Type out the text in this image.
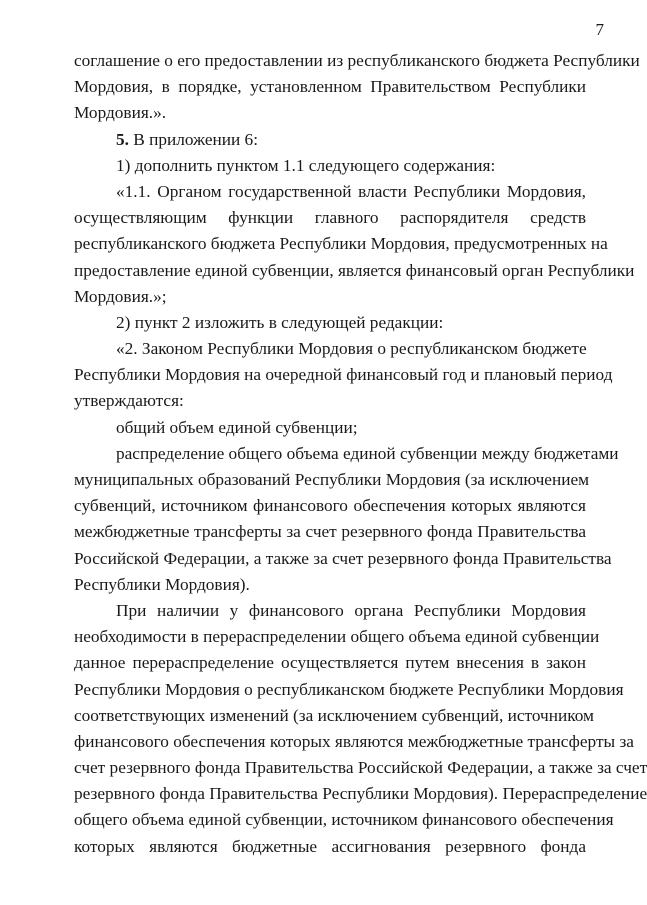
7
соглашение о его предоставлении из республиканского бюджета Республики
Мордовия, в порядке, установленном Правительством Республики
Мордовия.».
5. В приложении 6:
1) дополнить пунктом 1.1 следующего содержания:
«1.1. Органом государственной власти Республики Мордовия,
осуществляющим функции главного распорядителя средств
республиканского бюджета Республики Мордовия, предусмотренных на
предоставление единой субвенции, является финансовый орган Республики
Мордовия.»;
2) пункт 2 изложить в следующей редакции:
«2. Законом Республики Мордовия о республиканском бюджете
Республики Мордовия на очередной финансовый год и плановый период
утверждаются:
общий объем единой субвенции;
распределение общего объема единой субвенции между бюджетами
муниципальных образований Республики Мордовия (за исключением
субвенций, источником финансового обеспечения которых являются
межбюджетные трансферты за счет резервного фонда Правительства
Российской Федерации, а также за счет резервного фонда Правительства
Республики Мордовия).
При наличии у финансового органа Республики Мордовия
необходимости в перераспределении общего объема единой субвенции
данное перераспределение осуществляется путем внесения в закон
Республики Мордовия о республиканском бюджете Республики Мордовия
соответствующих изменений (за исключением субвенций, источником
финансового обеспечения которых являются межбюджетные трансферты за
счет резервного фонда Правительства Российской Федерации, а также за счет
резервного фонда Правительства Республики Мордовия). Перераспределение
общего объема единой субвенции, источником финансового обеспечения
которых являются бюджетные ассигнования резервного фонда
